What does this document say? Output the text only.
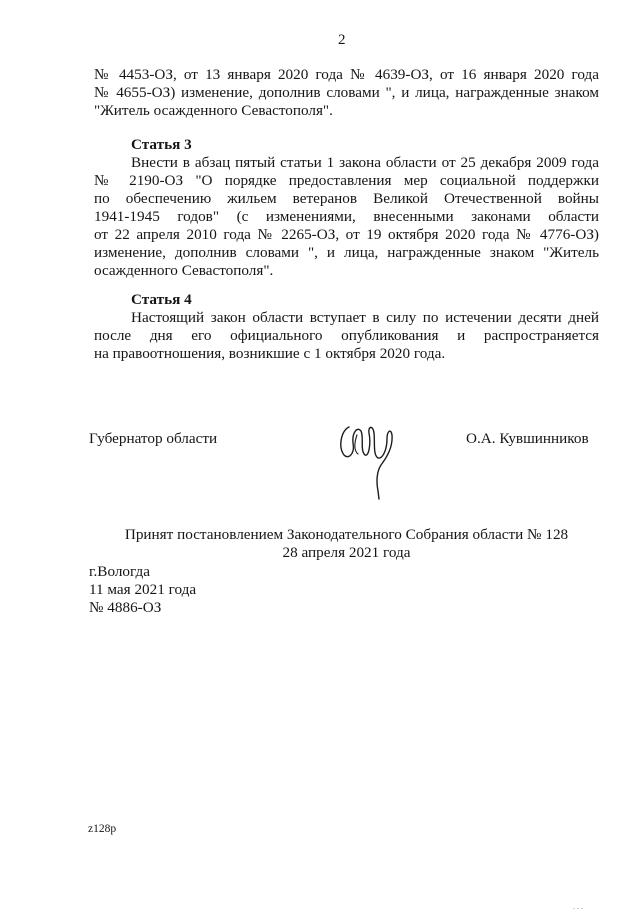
2
№ 4453-ОЗ, от 13 января 2020 года № 4639-ОЗ, от 16 января 2020 года
№ 4655-ОЗ) изменение, дополнив словами ", и лица, награжденные знаком
"Житель осажденного Севастополя".
Статья 3
Внести в абзац пятый статьи 1 закона области от 25 декабря 2009 года
№ 2190-ОЗ "О порядке предоставления мер социальной поддержки
по обеспечению жильем ветеранов Великой Отечественной войны
1941-1945 годов" (с изменениями, внесенными законами области
от 22 апреля 2010 года № 2265-ОЗ, от 19 октября 2020 года № 4776-ОЗ)
изменение, дополнив словами ", и лица, награжденные знаком "Житель
осажденного Севастополя".
Статья 4
Настоящий закон области вступает в силу по истечении десяти дней
после дня его официального опубликования и распространяется
на правоотношения, возникшие с 1 октября 2020 года.
Губернатор области	О.А. Кувшинников
Принят постановлением Законодательного Собрания области № 128
28 апреля 2021 года
г.Вологда
11 мая 2021 года
№ 4886-ОЗ
z128p
...
